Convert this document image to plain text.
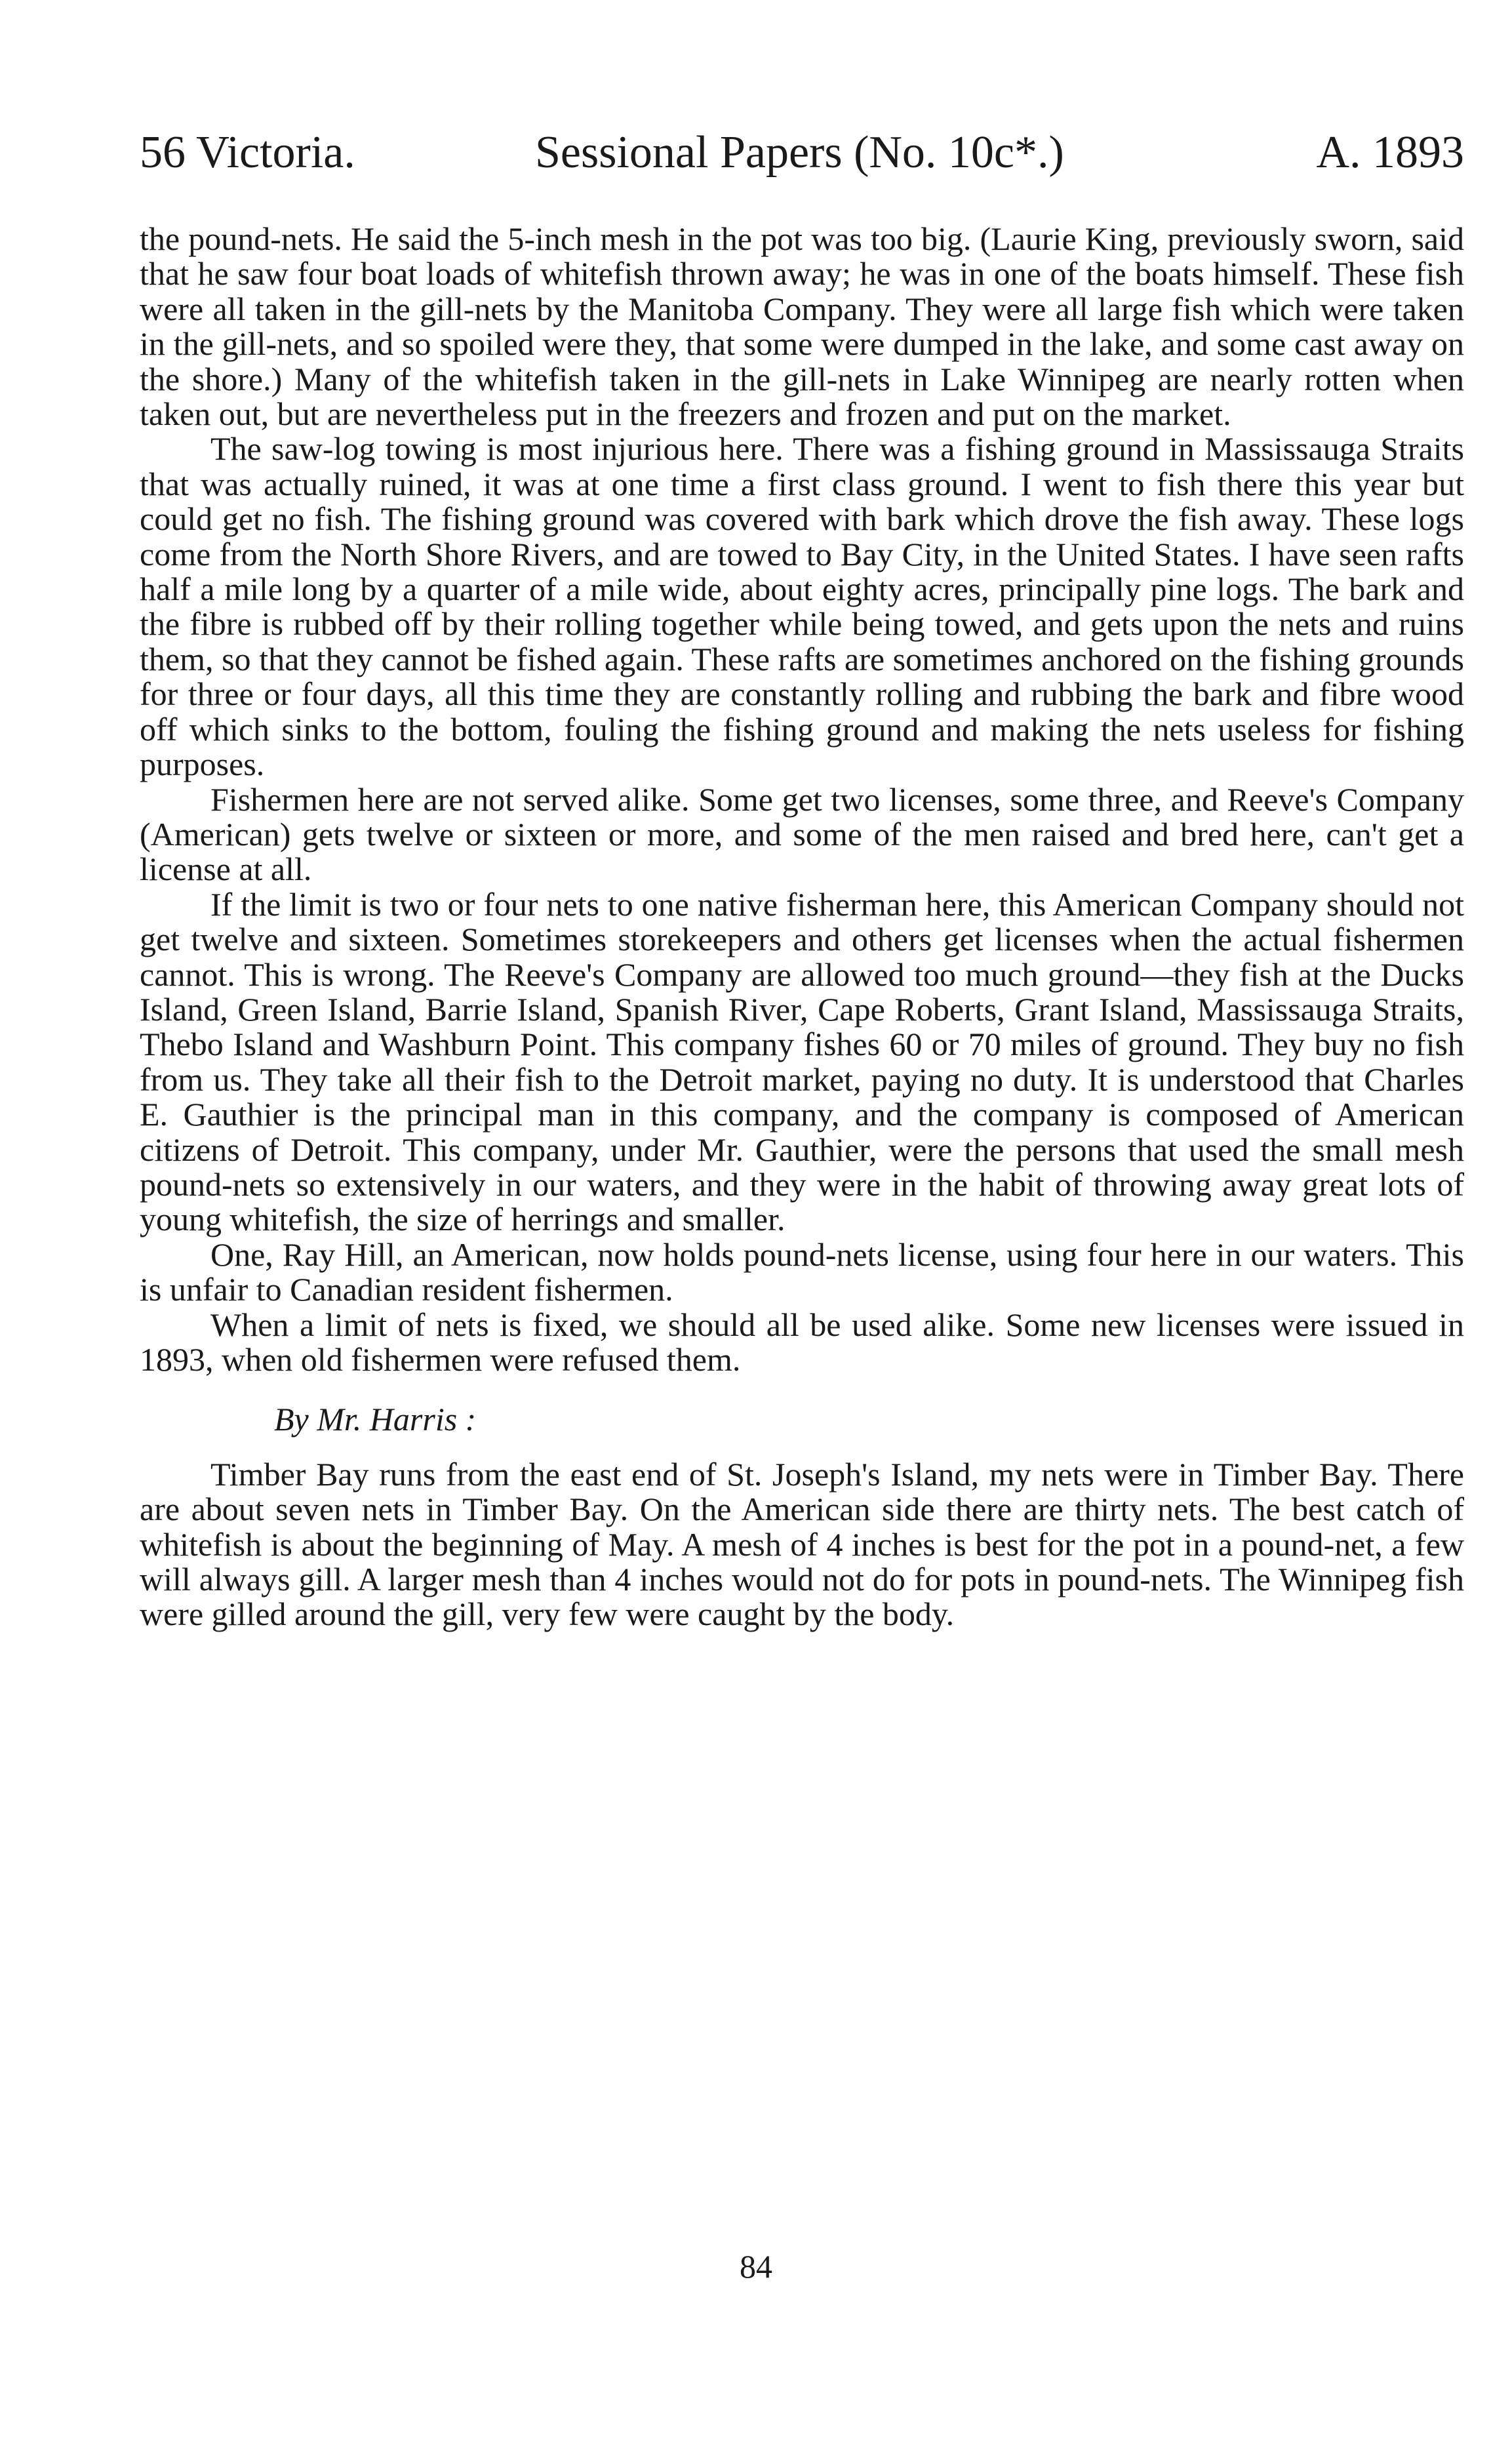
56 Victoria.	Sessional Papers (No. 10c*.)	A. 1893

the pound-nets. He said the 5-inch mesh in the pot was too big. (Laurie King, previously sworn, said that he saw four boat loads of whitefish thrown away; he was in one of the boats himself. These fish were all taken in the gill-nets by the Manitoba Company. They were all large fish which were taken in the gill-nets, and so spoiled were they, that some were dumped in the lake, and some cast away on the shore.) Many of the whitefish taken in the gill-nets in Lake Winnipeg are nearly rotten when taken out, but are nevertheless put in the freezers and frozen and put on the market.

The saw-log towing is most injurious here. There was a fishing ground in Massissauga Straits that was actually ruined, it was at one time a first class ground. I went to fish there this year but could get no fish. The fishing ground was covered with bark which drove the fish away. These logs come from the North Shore Rivers, and are towed to Bay City, in the United States. I have seen rafts half a mile long by a quarter of a mile wide, about eighty acres, principally pine logs. The bark and the fibre is rubbed off by their rolling together while being towed, and gets upon the nets and ruins them, so that they cannot be fished again. These rafts are sometimes anchored on the fishing grounds for three or four days, all this time they are constantly rolling and rubbing the bark and fibre wood off which sinks to the bottom, fouling the fishing ground and making the nets useless for fishing purposes.

Fishermen here are not served alike. Some get two licenses, some three, and Reeve's Company (American) gets twelve or sixteen or more, and some of the men raised and bred here, can't get a license at all.

If the limit is two or four nets to one native fisherman here, this American Company should not get twelve and sixteen. Sometimes storekeepers and others get licenses when the actual fishermen cannot. This is wrong. The Reeve's Company are allowed too much ground—they fish at the Ducks Island, Green Island, Barrie Island, Spanish River, Cape Roberts, Grant Island, Massissauga Straits, Thebo Island and Washburn Point. This company fishes 60 or 70 miles of ground. They buy no fish from us. They take all their fish to the Detroit market, paying no duty. It is understood that Charles E. Gauthier is the principal man in this company, and the company is composed of American citizens of Detroit. This company, under Mr. Gauthier, were the persons that used the small mesh pound-nets so extensively in our waters, and they were in the habit of throwing away great lots of young whitefish, the size of herrings and smaller.

One, Ray Hill, an American, now holds pound-nets license, using four here in our waters. This is unfair to Canadian resident fishermen.

When a limit of nets is fixed, we should all be used alike. Some new licenses were issued in 1893, when old fishermen were refused them.

By Mr. Harris :

Timber Bay runs from the east end of St. Joseph's Island, my nets were in Timber Bay. There are about seven nets in Timber Bay. On the American side there are thirty nets. The best catch of whitefish is about the beginning of May. A mesh of 4 inches is best for the pot in a pound-net, a few will always gill. A larger mesh than 4 inches would not do for pots in pound-nets. The Winnipeg fish were gilled around the gill, very few were caught by the body.

84
